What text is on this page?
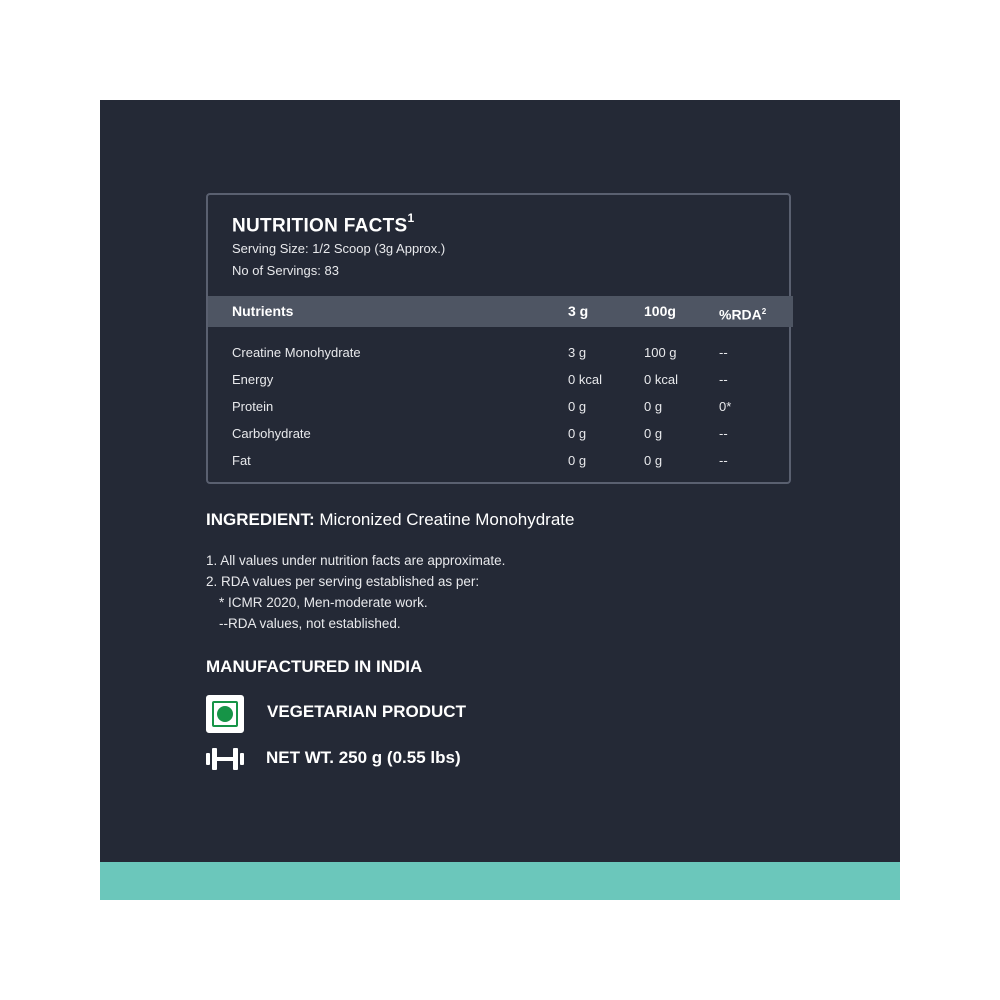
NUTRITION FACTS$^1$
Serving Size: 1/2 Scoop (3g Approx.)
No of Servings: 83
Nutrients	3 g	100g	%RDA$^2$
Creatine Monohydrate	3 g	100 g	--
Energy	0 kcal	0 kcal	--
Protein	0 g	0 g	0*
Carbohydrate	0 g	0 g	--
Fat	0 g	0 g	--
INGREDIENT: Micronized Creatine Monohydrate
1. All values under nutrition facts are approximate.
2. RDA values per serving established as per:
* ICMR 2020, Men-moderate work.
--RDA values, not established.
MANUFACTURED IN INDIA
VEGETARIAN PRODUCT
NET WT. 250 g (0.55 lbs)
